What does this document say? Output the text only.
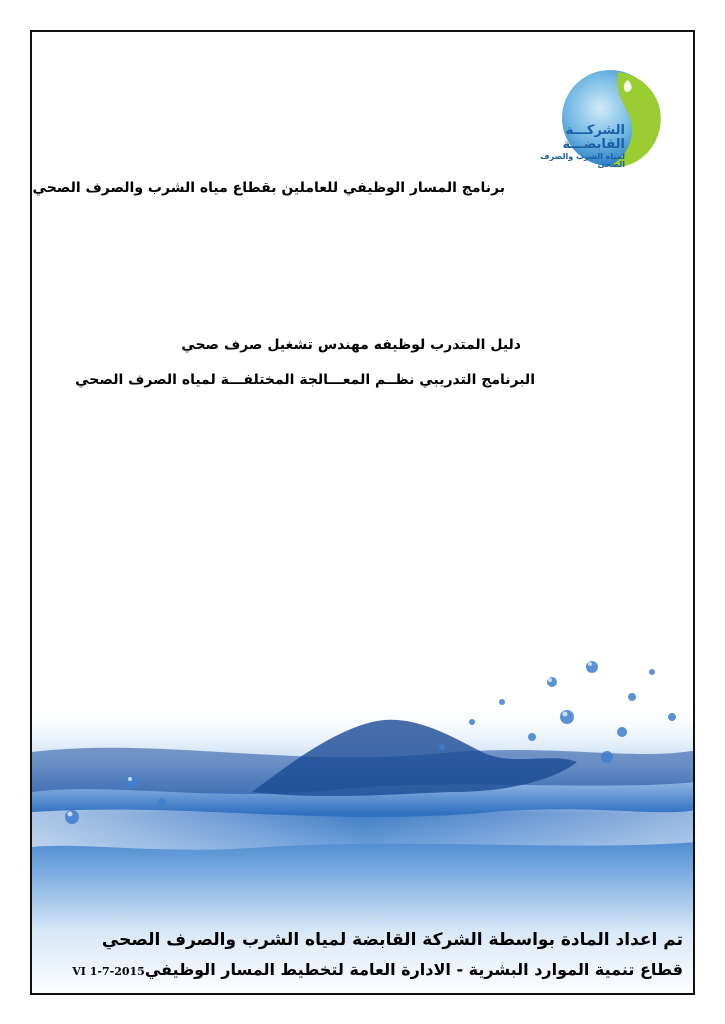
الشركـــة القابضـــة
لمياه الشرب والصرف الصحى
برنامج المسار الوظيفي للعاملين بقطاع مياه الشرب والصرف الصحي
دليل المتدرب لوظيفه مهندس تشغيل صرف صحي
البرنامج التدريبي نظــم المعـــالجة المختلفـــة لمياه الصرف الصحي
تم اعداد المادة بواسطة الشركة القابضة لمياه الشرب والصرف الصحي
قطاع تنمية الموارد البشرية - الادارة العامة لتخطيط المسار الوظيفيVI 1-7-2015
